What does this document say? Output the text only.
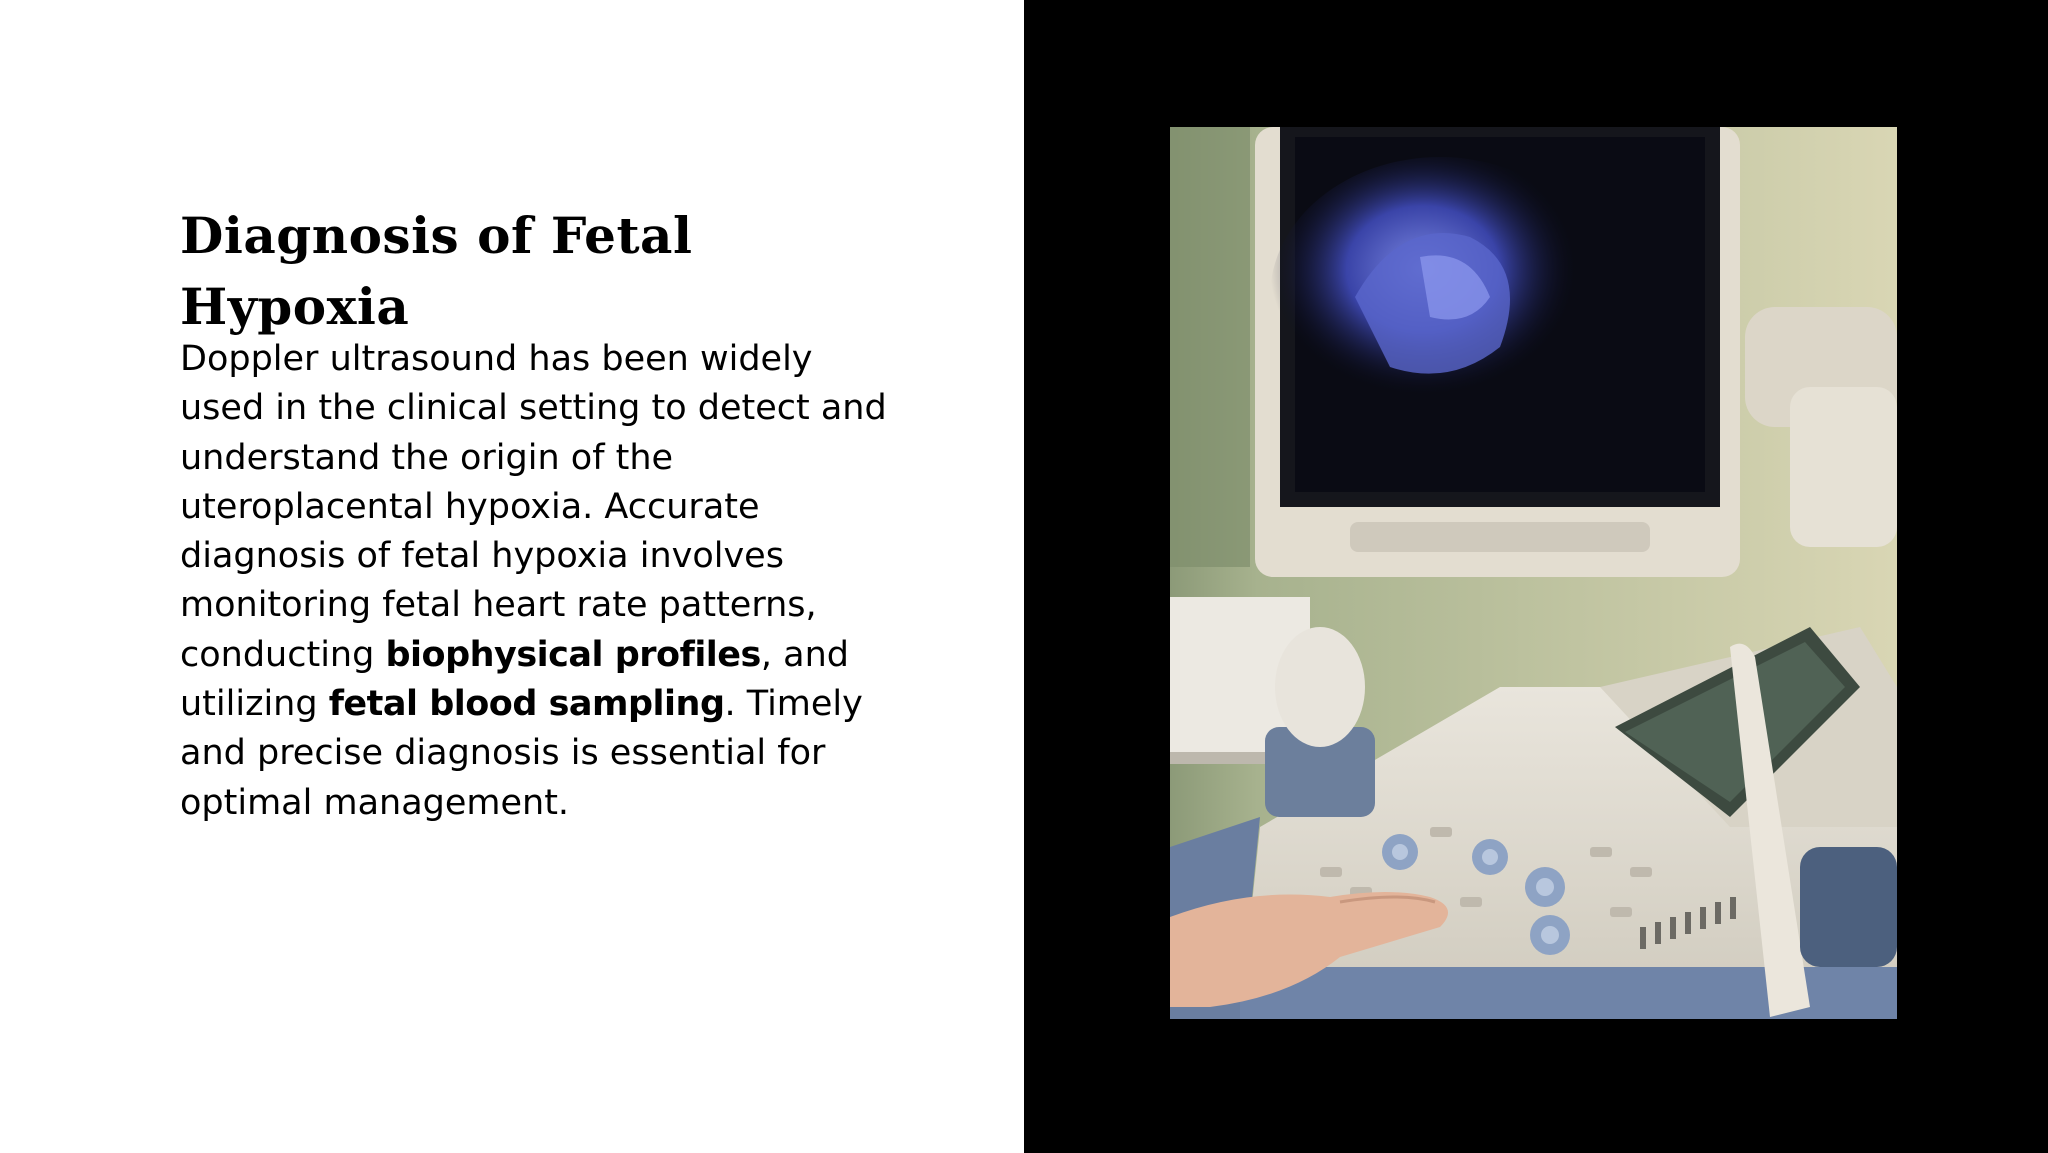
Diagnosis of Fetal
Hypoxia

Doppler ultrasound has been widely used in the clinical setting to detect and understand the origin of the uteroplacental hypoxia. Accurate diagnosis of fetal hypoxia involves monitoring fetal heart rate patterns, conducting biophysical profiles, and utilizing fetal blood sampling. Timely and precise diagnosis is essential for optimal management.
